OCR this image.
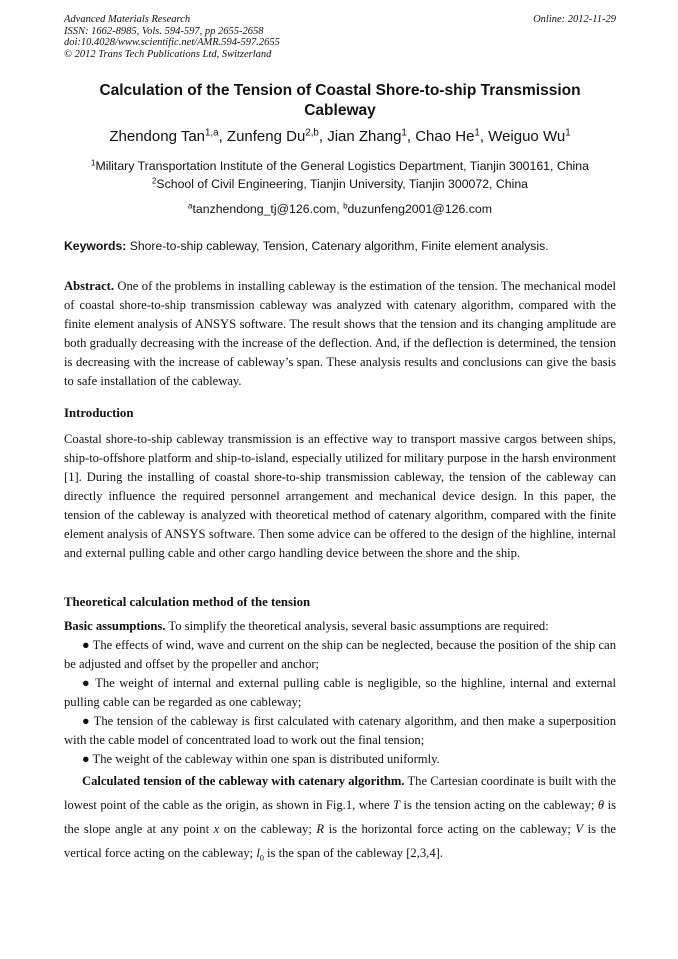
Advanced Materials Research
ISSN: 1662-8985, Vols. 594-597, pp 2655-2658
doi:10.4028/www.scientific.net/AMR.594-597.2655
© 2012 Trans Tech Publications Ltd, Switzerland
Online: 2012-11-29
Calculation of the Tension of Coastal Shore-to-ship Transmission
Cableway
Zhendong Tan$^{1,a}$, Zunfeng Du$^{2,b}$, Jian Zhang$^1$, Chao He$^1$, Weiguo Wu$^1$
$^1$Military Transportation Institute of the General Logistics Department, Tianjin 300161, China
$^2$School of Civil Engineering, Tianjin University, Tianjin 300072, China
$^a$tanzhendong_tj@126.com, $^b$duzunfeng2001@126.com
Keywords: Shore-to-ship cableway, Tension, Catenary algorithm, Finite element analysis.
Abstract. One of the problems in installing cableway is the estimation of the tension. The mechanical model of coastal shore-to-ship transmission cableway was analyzed with catenary algorithm, compared with the finite element analysis of ANSYS software. The result shows that the tension and its changing amplitude are both gradually decreasing with the increase of the deflection. And, if the deflection is determined, the tension is decreasing with the increase of cableway’s span. These analysis results and conclusions can give the basis to safe installation of the cableway.
Introduction
Coastal shore-to-ship cableway transmission is an effective way to transport massive cargos between ships, ship-to-offshore platform and ship-to-island, especially utilized for military purpose in the harsh environment [1]. During the installing of coastal shore-to-ship transmission cableway, the tension of the cableway can directly influence the required personnel arrangement and mechanical device design. In this paper, the tension of the cableway is analyzed with theoretical method of catenary algorithm, compared with the finite element analysis of ANSYS software. Then some advice can be offered to the design of the highline, internal and external pulling cable and other cargo handling device between the shore and the ship.
Theoretical calculation method of the tension
Basic assumptions. To simplify the theoretical analysis, several basic assumptions are required:
● The effects of wind, wave and current on the ship can be neglected, because the position of the ship can be adjusted and offset by the propeller and anchor;
● The weight of internal and external pulling cable is negligible, so the highline, internal and external pulling cable can be regarded as one cableway;
● The tension of the cableway is first calculated with catenary algorithm, and then make a superposition with the cable model of concentrated load to work out the final tension;
● The weight of the cableway within one span is distributed uniformly.
Calculated tension of the cableway with catenary algorithm. The Cartesian coordinate is built with the lowest point of the cable as the origin, as shown in Fig.1, where T is the tension acting on the cableway; θ is the slope angle at any point x on the cableway; R is the horizontal force acting on the cableway; V is the vertical force acting on the cableway; $l_0$ is the span of the cableway [2,3,4].
